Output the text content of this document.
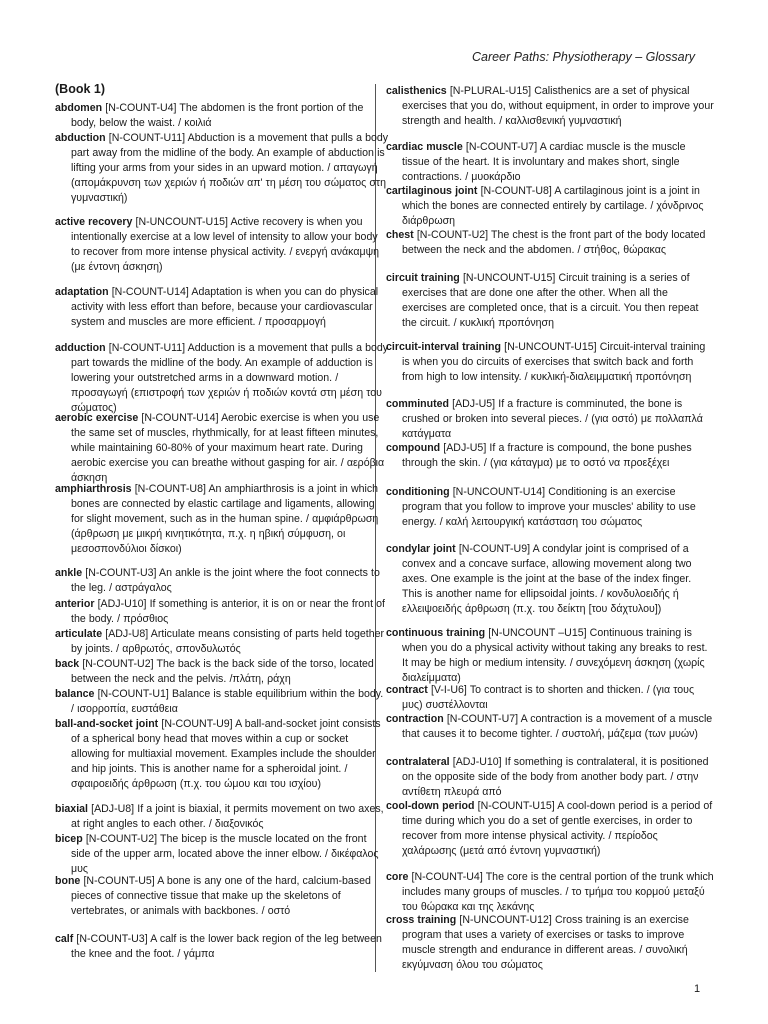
Career Paths: Physiotherapy – Glossary
(Book 1)
abdomen [N-COUNT-U4] The abdomen is the front portion of the body, below the waist. / κοιλιά
abduction [N-COUNT-U11] Abduction is a movement that pulls a body part away from the midline of the body. An example of abduction is lifting your arms from your sides in an upward motion. / απαγωγή (απομάκρυνση των χεριών ή ποδιών απ' τη μέση του σώματος στη γυμναστική)
active recovery [N-UNCOUNT-U15] Active recovery is when you intentionally exercise at a low level of intensity to allow your body to recover from more intense physical activity. / ενεργή ανάκαμψη (με έντονη άσκηση)
adaptation [N-COUNT-U14] Adaptation is when you can do physical activity with less effort than before, because your cardiovascular system and muscles are more efficient. / προσαρμογή
adduction [N-COUNT-U11] Adduction is a movement that pulls a body part towards the midline of the body. An example of adduction is lowering your outstretched arms in a downward motion. / προσαγωγή (επιστροφή των χεριών ή ποδιών κοντά στη μέση του σώματος)
aerobic exercise [N-COUNT-U14] Aerobic exercise is when you use the same set of muscles, rhythmically, for at least fifteen minutes, while maintaining 60-80% of your maximum heart rate. During aerobic exercise you can breathe without gasping for air. / αερόβια άσκηση
amphiarthrosis [N-COUNT-U8] An amphiarthrosis is a joint in which bones are connected by elastic cartilage and ligaments, allowing for slight movement, such as in the human spine. / αμφιάρθρωση (άρθρωση με μικρή κινητικότητα, π.χ. η ηβική σύμφυση, οι μεσοσπονδύλιοι δίσκοι)
ankle [N-COUNT-U3] An ankle is the joint where the foot connects to the leg. / αστράγαλος
anterior [ADJ-U10] If something is anterior, it is on or near the front of the body. / πρόσθιος
articulate [ADJ-U8] Articulate means consisting of parts held together by joints. / αρθρωτός, σπονδυλωτός
back [N-COUNT-U2] The back is the back side of the torso, located between the neck and the pelvis. /πλάτη, ράχη
balance [N-COUNT-U1] Balance is stable equilibrium within the body. / ισορροπία, ευστάθεια
ball-and-socket joint [N-COUNT-U9] A ball-and-socket joint consists of a spherical bony head that moves within a cup or socket allowing for multiaxial movement. Examples include the shoulder and hip joints. This is another name for a spheroidal joint. / σφαιροειδής άρθρωση (π.χ. του ώμου και του ισχίου)
biaxial [ADJ-U8] If a joint is biaxial, it permits movement on two axes, at right angles to each other. / διαξονικός
bicep [N-COUNT-U2] The bicep is the muscle located on the front side of the upper arm, located above the inner elbow. / δικέφαλος μυς
bone [N-COUNT-U5] A bone is any one of the hard, calcium-based pieces of connective tissue that make up the skeletons of vertebrates, or animals with backbones. / οστό
calf [N-COUNT-U3] A calf is the lower back region of the leg between the knee and the foot. / γάμπα
calisthenics [N-PLURAL-U15] Calisthenics are a set of physical exercises that you do, without equipment, in order to improve your strength and health. / καλλισθενική γυμναστική
cardiac muscle [N-COUNT-U7] A cardiac muscle is the muscle tissue of the heart. It is involuntary and makes short, single contractions. / μυοκάρδιο
cartilaginous joint [N-COUNT-U8] A cartilaginous joint is a joint in which the bones are connected entirely by cartilage. / χόνδρινος διάρθρωση
chest [N-COUNT-U2] The chest is the front part of the body located between the neck and the abdomen. / στήθος, θώρακας
circuit training [N-UNCOUNT-U15] Circuit training is a series of exercises that are done one after the other. When all the exercises are completed once, that is a circuit. You then repeat the circuit. / κυκλική προπόνηση
circuit-interval training [N-UNCOUNT-U15] Circuit-interval training is when you do circuits of exercises that switch back and forth from high to low intensity. / κυκλική-διαλειμματική προπόνηση
comminuted [ADJ-U5] If a fracture is comminuted, the bone is crushed or broken into several pieces. / (για οστό) με πολλαπλά κατάγματα
compound [ADJ-U5] If a fracture is compound, the bone pushes through the skin. / (για κάταγμα) με το οστό να προεξέχει
conditioning [N-UNCOUNT-U14] Conditioning is an exercise program that you follow to improve your muscles' ability to use energy. / καλή λειτουργική κατάσταση του σώματος
condylar joint [N-COUNT-U9] A condylar joint is comprised of a convex and a concave surface, allowing movement along two axes. One example is the joint at the base of the index finger. This is another name for ellipsoidal joints. / κονδυλοειδής ή ελλειψοειδής άρθρωση (π.χ. του δείκτη [του δάχτυλου])
continuous training [N-UNCOUNT –U15] Continuous training is when you do a physical activity without taking any breaks to rest. It may be high or medium intensity. / συνεχόμενη άσκηση (χωρίς διαλείμματα)
contract [V-I-U6] To contract is to shorten and thicken. / (για τους μυς) συστέλλονται
contraction [N-COUNT-U7] A contraction is a movement of a muscle that causes it to become tighter. / συστολή, μάζεμα (των μυών)
contralateral [ADJ-U10] If something is contralateral, it is positioned on the opposite side of the body from another body part. / στην αντίθετη πλευρά από
cool-down period [N-COUNT-U15] A cool-down period is a period of time during which you do a set of gentle exercises, in order to recover from more intense physical activity. / περίοδος χαλάρωσης (μετά από έντονη γυμναστική)
core [N-COUNT-U4] The core is the central portion of the trunk which includes many groups of muscles. / το τμήμα του κορμού μεταξύ του θώρακα και της λεκάνης
cross training [N-UNCOUNT-U12] Cross training is an exercise program that uses a variety of exercises or tasks to improve muscle strength and endurance in different areas. / συνολική εκγύμναση όλου του σώματος
1
